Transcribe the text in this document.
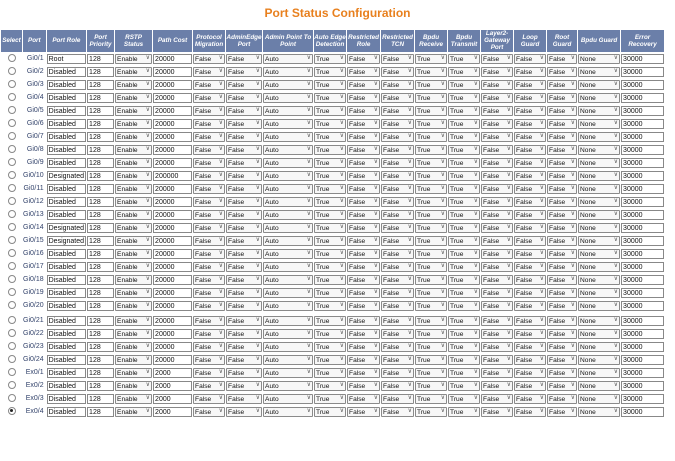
Port Status Configuration
Select	Port	Port Role	Port Priority	RSTP Status	Path Cost	Protocol Migration	AdminEdge Port	Admin Point To Point	Auto Edge Detection	Restricted Role	Restricted TCN	Bpdu Receive	Bpdu Transmit	Layer2-Gateway Port	Loop Guard	Root Guard	Bpdu Guard	Error Recovery
	Gi0/1	Root	128	Enable ∨	20000	False ∨	False ∨	Auto ∨	True ∨	False ∨	False ∨	True ∨	True ∨	False ∨	False ∨	False ∨	None ∨	30000

	Gi0/2	Disabled	128	Enable ∨	20000	False ∨	False ∨	Auto ∨	True ∨	False ∨	False ∨	True ∨	True ∨	False ∨	False ∨	False ∨	None ∨	30000

	Gi0/3	Disabled	128	Enable ∨	20000	False ∨	False ∨	Auto ∨	True ∨	False ∨	False ∨	True ∨	True ∨	False ∨	False ∨	False ∨	None ∨	30000

	Gi0/4	Disabled	128	Enable ∨	20000	False ∨	False ∨	Auto ∨	True ∨	False ∨	False ∨	True ∨	True ∨	False ∨	False ∨	False ∨	None ∨	30000

	Gi0/5	Disabled	128	Enable ∨	20000	False ∨	False ∨	Auto ∨	True ∨	False ∨	False ∨	True ∨	True ∨	False ∨	False ∨	False ∨	None ∨	30000

	Gi0/6	Disabled	128	Enable ∨	20000	False ∨	False ∨	Auto ∨	True ∨	False ∨	False ∨	True ∨	True ∨	False ∨	False ∨	False ∨	None ∨	30000

	Gi0/7	Disabled	128	Enable ∨	20000	False ∨	False ∨	Auto ∨	True ∨	False ∨	False ∨	True ∨	True ∨	False ∨	False ∨	False ∨	None ∨	30000

	Gi0/8	Disabled	128	Enable ∨	20000	False ∨	False ∨	Auto ∨	True ∨	False ∨	False ∨	True ∨	True ∨	False ∨	False ∨	False ∨	None ∨	30000

	Gi0/9	Disabled	128	Enable ∨	20000	False ∨	False ∨	Auto ∨	True ∨	False ∨	False ∨	True ∨	True ∨	False ∨	False ∨	False ∨	None ∨	30000

	Gi0/10	Designated	128	Enable ∨	200000	False ∨	False ∨	Auto ∨	True ∨	False ∨	False ∨	True ∨	True ∨	False ∨	False ∨	False ∨	None ∨	30000

	Gi0/11	Disabled	128	Enable ∨	20000	False ∨	False ∨	Auto ∨	True ∨	False ∨	False ∨	True ∨	True ∨	False ∨	False ∨	False ∨	None ∨	30000

	Gi0/12	Disabled	128	Enable ∨	20000	False ∨	False ∨	Auto ∨	True ∨	False ∨	False ∨	True ∨	True ∨	False ∨	False ∨	False ∨	None ∨	30000

	Gi0/13	Disabled	128	Enable ∨	20000	False ∨	False ∨	Auto ∨	True ∨	False ∨	False ∨	True ∨	True ∨	False ∨	False ∨	False ∨	None ∨	30000

	Gi0/14	Designated	128	Enable ∨	20000	False ∨	False ∨	Auto ∨	True ∨	False ∨	False ∨	True ∨	True ∨	False ∨	False ∨	False ∨	None ∨	30000

	Gi0/15	Designated	128	Enable ∨	20000	False ∨	False ∨	Auto ∨	True ∨	False ∨	False ∨	True ∨	True ∨	False ∨	False ∨	False ∨	None ∨	30000

	Gi0/16	Disabled	128	Enable ∨	20000	False ∨	False ∨	Auto ∨	True ∨	False ∨	False ∨	True ∨	True ∨	False ∨	False ∨	False ∨	None ∨	30000

	Gi0/17	Disabled	128	Enable ∨	20000	False ∨	False ∨	Auto ∨	True ∨	False ∨	False ∨	True ∨	True ∨	False ∨	False ∨	False ∨	None ∨	30000

	Gi0/18	Disabled	128	Enable ∨	20000	False ∨	False ∨	Auto ∨	True ∨	False ∨	False ∨	True ∨	True ∨	False ∨	False ∨	False ∨	None ∨	30000

	Gi0/19	Disabled	128	Enable ∨	20000	False ∨	False ∨	Auto ∨	True ∨	False ∨	False ∨	True ∨	True ∨	False ∨	False ∨	False ∨	None ∨	30000

	Gi0/20	Disabled	128	Enable ∨	20000	False ∨	False ∨	Auto ∨	True ∨	False ∨	False ∨	True ∨	True ∨	False ∨	False ∨	False ∨	None ∨	30000

	Gi0/21	Disabled	128	Enable ∨	20000	False ∨	False ∨	Auto ∨	True ∨	False ∨	False ∨	True ∨	True ∨	False ∨	False ∨	False ∨	None ∨	30000

	Gi0/22	Disabled	128	Enable ∨	20000	False ∨	False ∨	Auto ∨	True ∨	False ∨	False ∨	True ∨	True ∨	False ∨	False ∨	False ∨	None ∨	30000

	Gi0/23	Disabled	128	Enable ∨	20000	False ∨	False ∨	Auto ∨	True ∨	False ∨	False ∨	True ∨	True ∨	False ∨	False ∨	False ∨	None ∨	30000

	Gi0/24	Disabled	128	Enable ∨	20000	False ∨	False ∨	Auto ∨	True ∨	False ∨	False ∨	True ∨	True ∨	False ∨	False ∨	False ∨	None ∨	30000

	Ex0/1	Disabled	128	Enable ∨	2000	False ∨	False ∨	Auto ∨	True ∨	False ∨	False ∨	True ∨	True ∨	False ∨	False ∨	False ∨	None ∨	30000

	Ex0/2	Disabled	128	Enable ∨	2000	False ∨	False ∨	Auto ∨	True ∨	False ∨	False ∨	True ∨	True ∨	False ∨	False ∨	False ∨	None ∨	30000

	Ex0/3	Disabled	128	Enable ∨	2000	False ∨	False ∨	Auto ∨	True ∨	False ∨	False ∨	True ∨	True ∨	False ∨	False ∨	False ∨	None ∨	30000

	Ex0/4	Disabled	128	Enable ∨	2000	False ∨	False ∨	Auto ∨	True ∨	False ∨	False ∨	True ∨	True ∨	False ∨	False ∨	False ∨	None ∨	30000
